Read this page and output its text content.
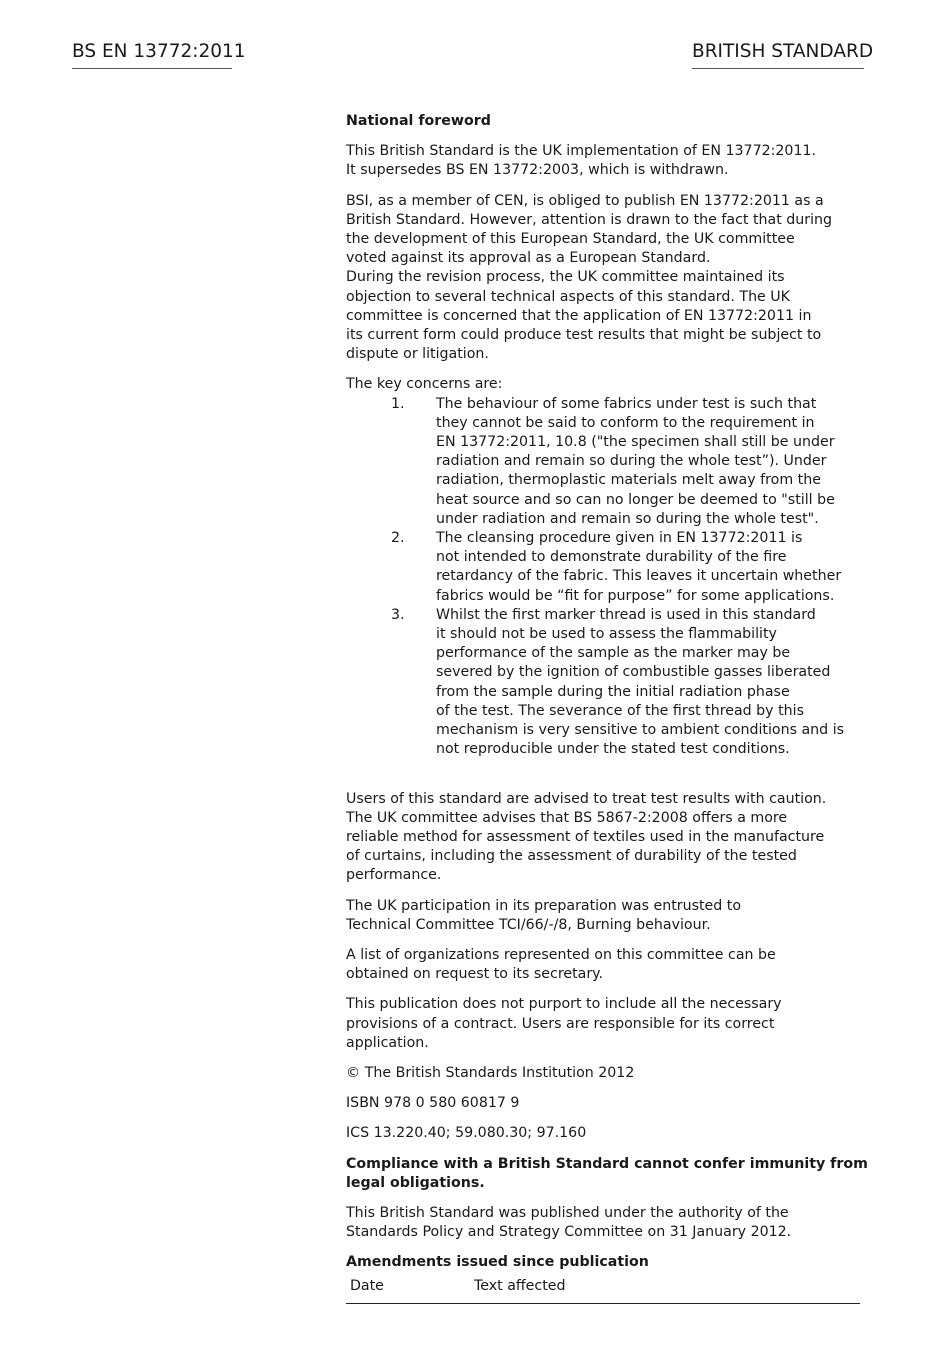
BS EN 13772:2011	BRITISH STANDARD

National foreword

This British Standard is the UK implementation of EN 13772:2011.
It supersedes BS EN 13772:2003, which is withdrawn.

BSI, as a member of CEN, is obliged to publish EN 13772:2011 as a
British Standard. However, attention is drawn to the fact that during
the development of this European Standard, the UK committee
voted against its approval as a European Standard.
During the revision process, the UK committee maintained its
objection to several technical aspects of this standard. The UK
committee is concerned that the application of EN 13772:2011 in
its current form could produce test results that might be subject to
dispute or litigation.

The key concerns are:
1. The behaviour of some fabrics under test is such that
they cannot be said to conform to the requirement in
EN 13772:2011, 10.8 ("the specimen shall still be under
radiation and remain so during the whole test”). Under
radiation, thermoplastic materials melt away from the
heat source and so can no longer be deemed to "still be
under radiation and remain so during the whole test".
2. The cleansing procedure given in EN 13772:2011 is
not intended to demonstrate durability of the fire
retardancy of the fabric. This leaves it uncertain whether
fabrics would be “fit for purpose” for some applications.
3. Whilst the first marker thread is used in this standard
it should not be used to assess the flammability
performance of the sample as the marker may be
severed by the ignition of combustible gasses liberated
from the sample during the initial radiation phase
of the test. The severance of the first thread by this
mechanism is very sensitive to ambient conditions and is
not reproducible under the stated test conditions.

Users of this standard are advised to treat test results with caution.
The UK committee advises that BS 5867-2:2008 offers a more
reliable method for assessment of textiles used in the manufacture
of curtains, including the assessment of durability of the tested
performance.

The UK participation in its preparation was entrusted to
Technical Committee TCI/66/-/8, Burning behaviour.

A list of organizations represented on this committee can be
obtained on request to its secretary.

This publication does not purport to include all the necessary
provisions of a contract. Users are responsible for its correct
application.

© The British Standards Institution 2012

ISBN 978 0 580 60817 9

ICS 13.220.40; 59.080.30; 97.160

Compliance with a British Standard cannot confer immunity from
legal obligations.

This British Standard was published under the authority of the
Standards Policy and Strategy Committee on 31 January 2012.

Amendments issued since publication
Date	Text affected
